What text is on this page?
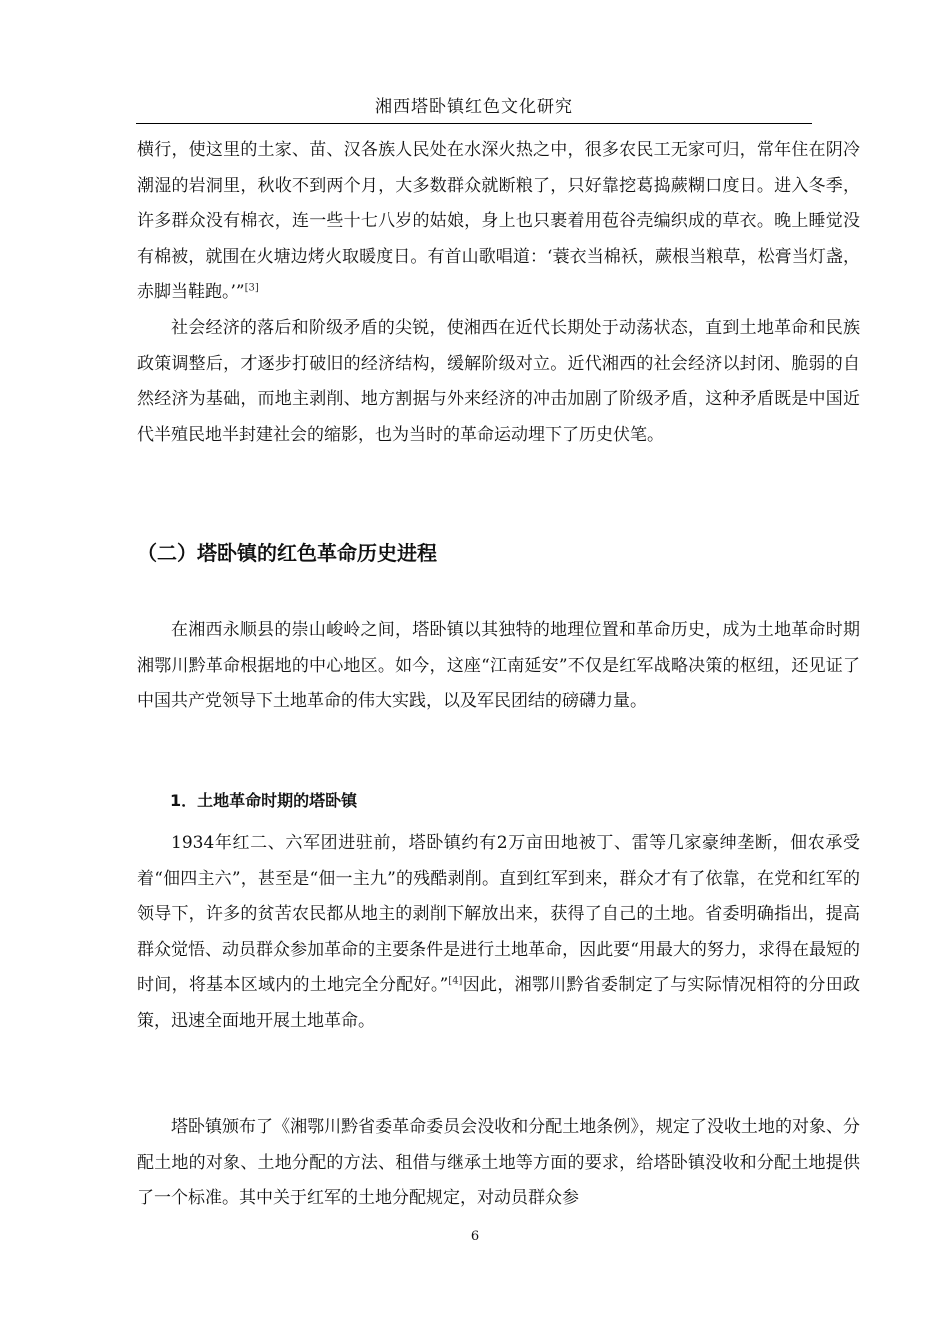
湘西塔卧镇红色文化研究

横行，使这里的土家、苗、汉各族人民处在水深火热之中，很多农民工无家可归，常年住在阴冷潮湿的岩洞里，秋收不到两个月，大多数群众就断粮了，只好靠挖葛捣蕨糊口度日。进入冬季，许多群众没有棉衣，连一些十七八岁的姑娘，身上也只裹着用苞谷壳编织成的草衣。晚上睡觉没有棉被，就围在火塘边烤火取暖度日。有首山歌唱道：‘蓑衣当棉袄，蕨根当粮草，松膏当灯盏，赤脚当鞋跑。’”[3]

社会经济的落后和阶级矛盾的尖锐，使湘西在近代长期处于动荡状态，直到土地革命和民族政策调整后，才逐步打破旧的经济结构，缓解阶级对立。近代湘西的社会经济以封闭、脆弱的自然经济为基础，而地主剥削、地方割据与外来经济的冲击加剧了阶级矛盾，这种矛盾既是中国近代半殖民地半封建社会的缩影，也为当时的革命运动埋下了历史伏笔。

（二）塔卧镇的红色革命历史进程

在湘西永顺县的崇山峻岭之间，塔卧镇以其独特的地理位置和革命历史，成为土地革命时期湘鄂川黔革命根据地的中心地区。如今，这座“江南延安”不仅是红军战略决策的枢纽，还见证了中国共产党领导下土地革命的伟大实践，以及军民团结的磅礴力量。

1．土地革命时期的塔卧镇

1934年红二、六军团进驻前，塔卧镇约有2万亩田地被丁、雷等几家豪绅垄断，佃农承受着“佃四主六”，甚至是“佃一主九”的残酷剥削。直到红军到来，群众才有了依靠，在党和红军的领导下，许多的贫苦农民都从地主的剥削下解放出来，获得了自己的土地。省委明确指出，提高群众觉悟、动员群众参加革命的主要条件是进行土地革命，因此要“用最大的努力，求得在最短的时间，将基本区域内的土地完全分配好。”[4]因此，湘鄂川黔省委制定了与实际情况相符的分田政策，迅速全面地开展土地革命。

塔卧镇颁布了《湘鄂川黔省委革命委员会没收和分配土地条例》，规定了没收土地的对象、分配土地的对象、土地分配的方法、租借与继承土地等方面的要求，给塔卧镇没收和分配土地提供了一个标准。其中关于红军的土地分配规定，对动员群众参

6
